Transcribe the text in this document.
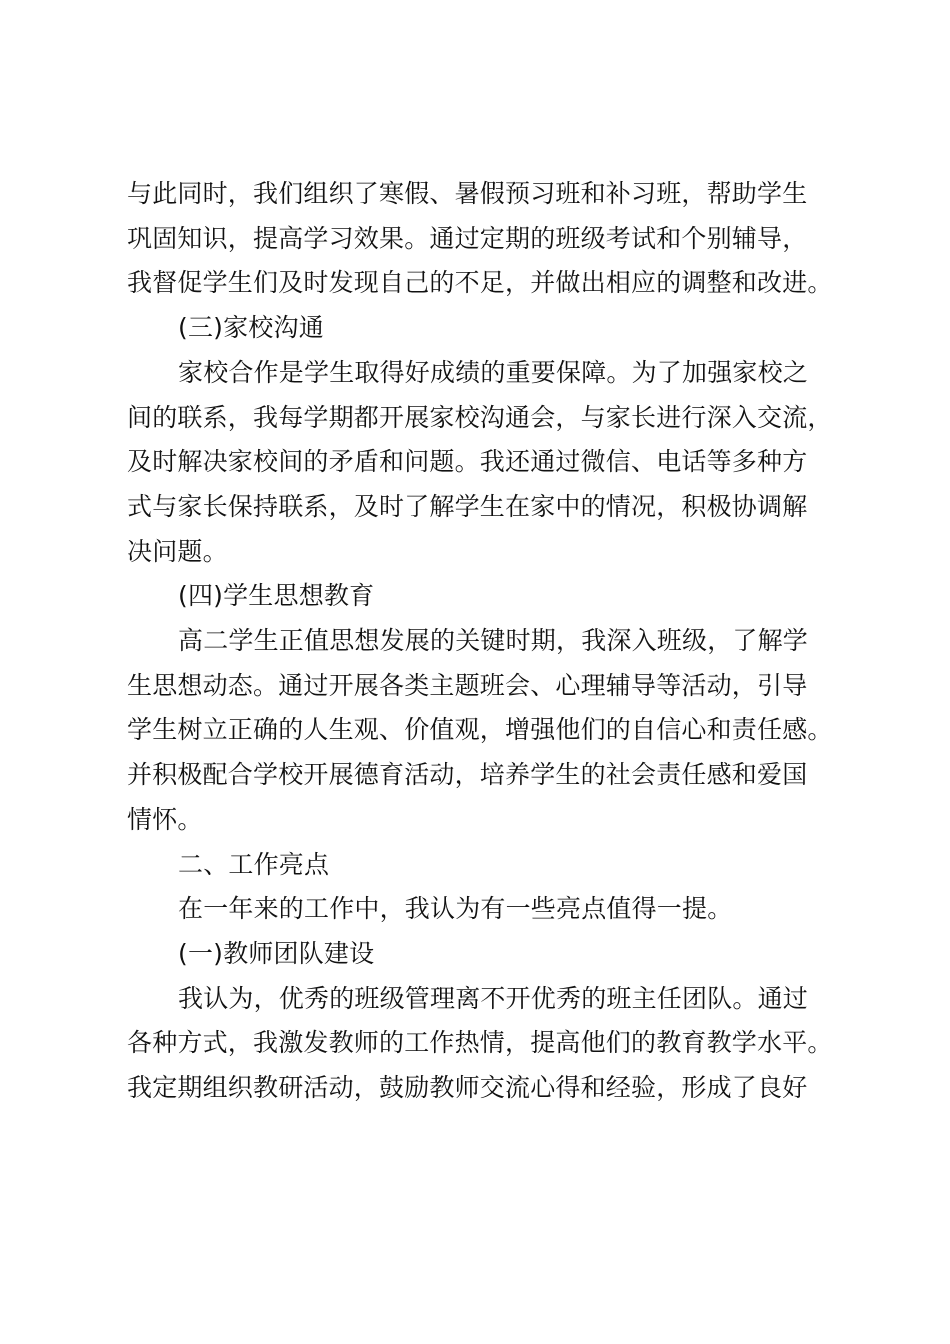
与此同时，我们组织了寒假、暑假预习班和补习班，帮助学生
巩固知识，提高学习效果。通过定期的班级考试和个别辅导，
我督促学生们及时发现自己的不足，并做出相应的调整和改进。
(三)家校沟通
家校合作是学生取得好成绩的重要保障。为了加强家校之
间的联系，我每学期都开展家校沟通会，与家长进行深入交流，
及时解决家校间的矛盾和问题。我还通过微信、电话等多种方
式与家长保持联系，及时了解学生在家中的情况，积极协调解
决问题。
(四)学生思想教育
高二学生正值思想发展的关键时期，我深入班级，了解学
生思想动态。通过开展各类主题班会、心理辅导等活动，引导
学生树立正确的人生观、价值观，增强他们的自信心和责任感。
并积极配合学校开展德育活动，培养学生的社会责任感和爱国
情怀。
二、工作亮点
在一年来的工作中，我认为有一些亮点值得一提。
(一)教师团队建设
我认为，优秀的班级管理离不开优秀的班主任团队。通过
各种方式，我激发教师的工作热情，提高他们的教育教学水平。
我定期组织教研活动，鼓励教师交流心得和经验，形成了良好
